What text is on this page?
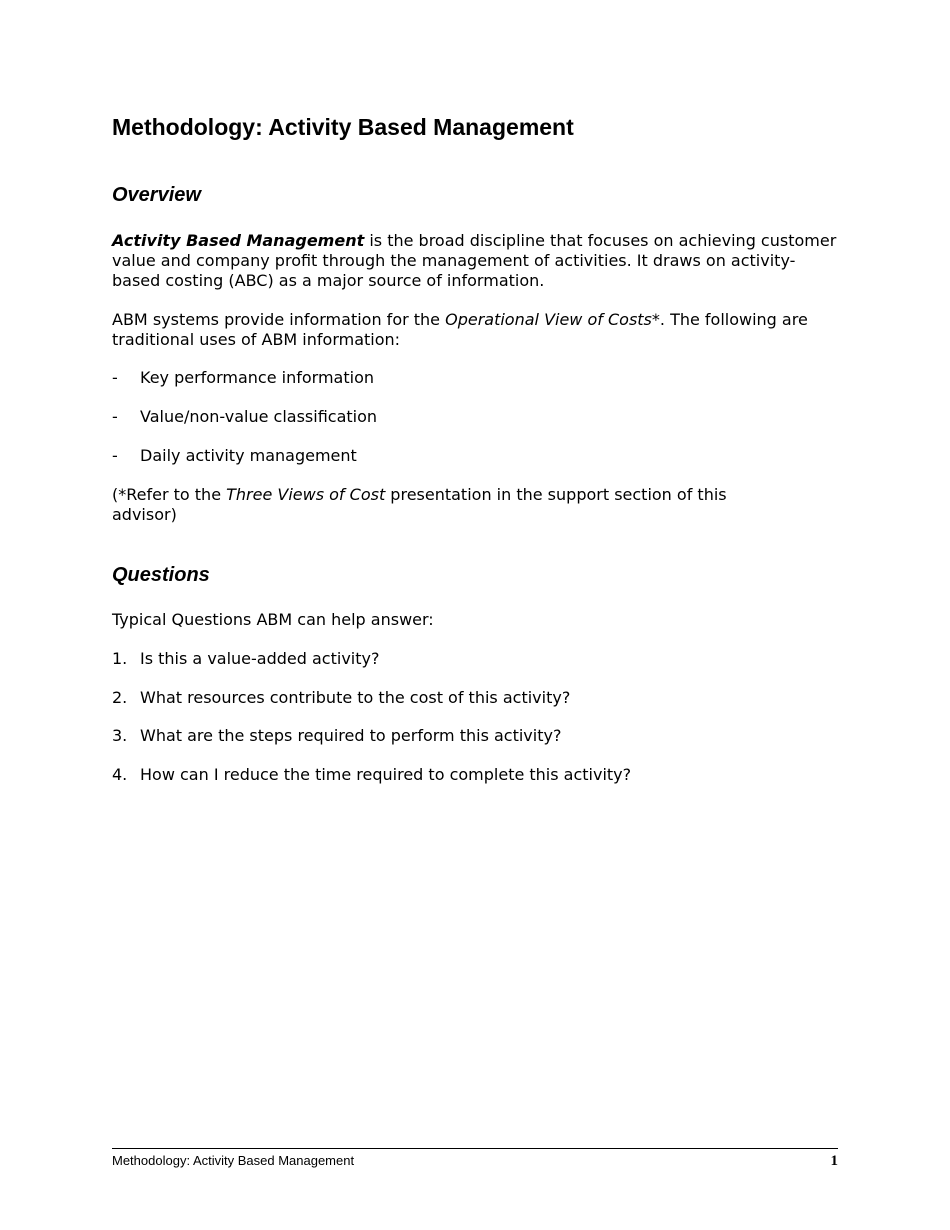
Methodology: Activity Based Management
Overview

Activity Based Management is the broad discipline that focuses on achieving customer value and company profit through the management of activities. It draws on activity-based costing (ABC) as a major source of information.

ABM systems provide information for the Operational View of Costs*. The following are traditional uses of ABM information:

- Key performance information

- Value/non-value classification

- Daily activity management

(*Refer to the Three Views of Cost presentation in the support section of this advisor)

Questions

Typical Questions ABM can help answer:

1. Is this a value-added activity?

2. What resources contribute to the cost of this activity?

3. What are the steps required to perform this activity?

4. How can I reduce the time required to complete this activity?

Methodology: Activity Based Management	1
